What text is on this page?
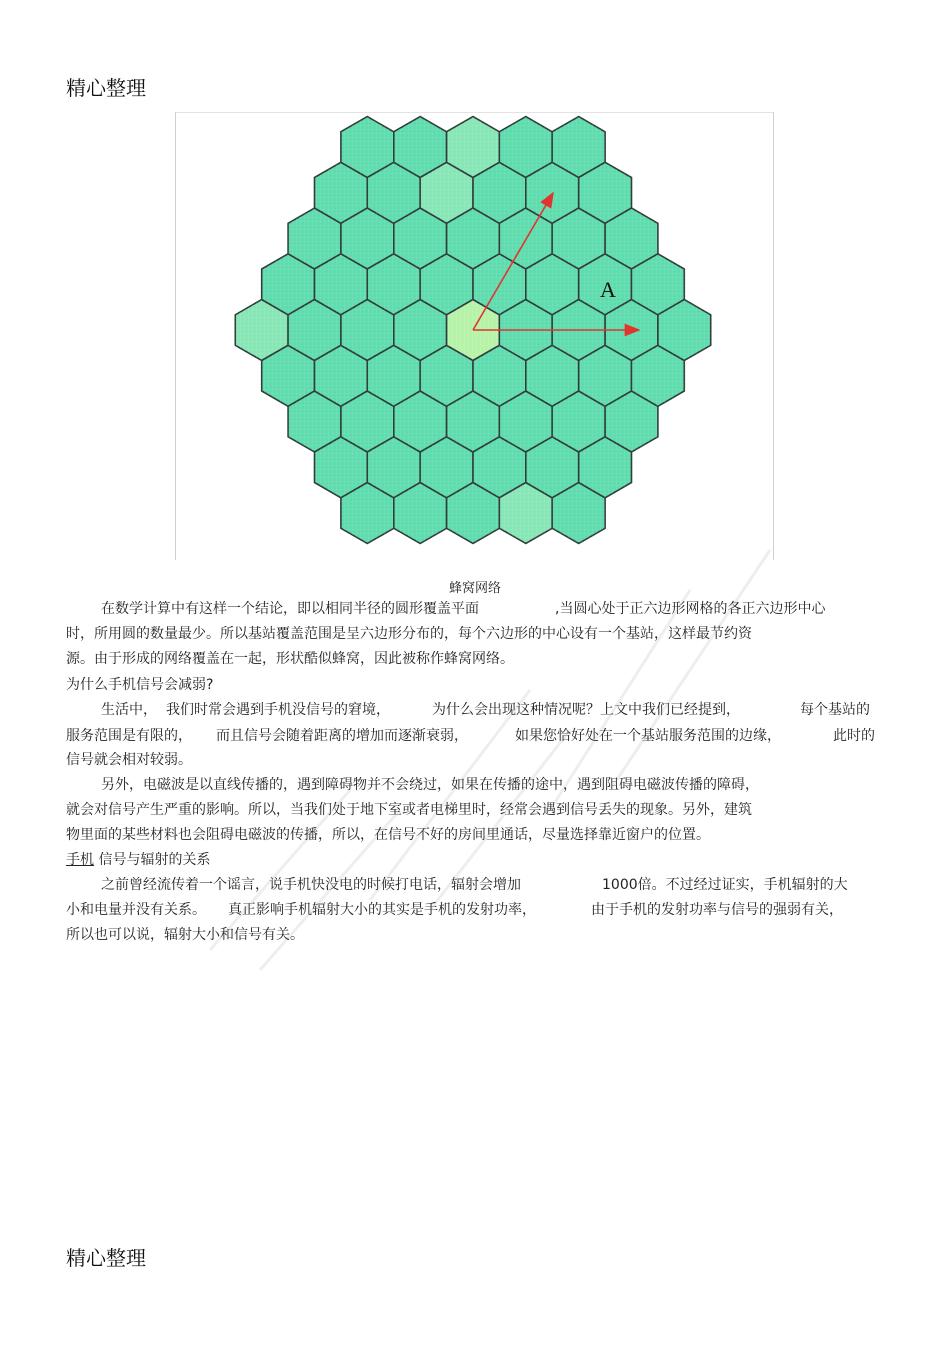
精心整理
A
蜂窝网络
在数学计算中有这样一个结论，即以相同半径的圆形覆盖平面	,当圆心处于正六边形网格的各正六边形中心
时，所用圆的数量最少。所以基站覆盖范围是呈六边形分布的，每个六边形的中心设有一个基站，这样最节约资
源。由于形成的网络覆盖在一起，形状酷似蜂窝，因此被称作蜂窝网络。
为什么手机信号会减弱?
生活中， 我们时常会遇到手机没信号的窘境，	为什么会出现这种情况呢？上文中我们已经提到，	每个基站的
服务范围是有限的， 而且信号会随着距离的增加而逐渐衰弱，	如果您恰好处在一个基站服务范围的边缘，	此时的
信号就会相对较弱。
另外，电磁波是以直线传播的，遇到障碍物并不会绕过，如果在传播的途中，遇到阻碍电磁波传播的障碍，
就会对信号产生严重的影响。所以，当我们处于地下室或者电梯里时，经常会遇到信号丢失的现象。另外，建筑
物里面的某些材料也会阻碍电磁波的传播，所以，在信号不好的房间里通话，尽量选择靠近窗户的位置。
手机 信号与辐射的关系
之前曾经流传着一个谣言，说手机快没电的时候打电话，辐射会增加	1000倍。不过经过证实，手机辐射的大
小和电量并没有关系。 真正影响手机辐射大小的其实是手机的发射功率，	由于手机的发射功率与信号的强弱有关，
所以也可以说，辐射大小和信号有关。
精心整理
